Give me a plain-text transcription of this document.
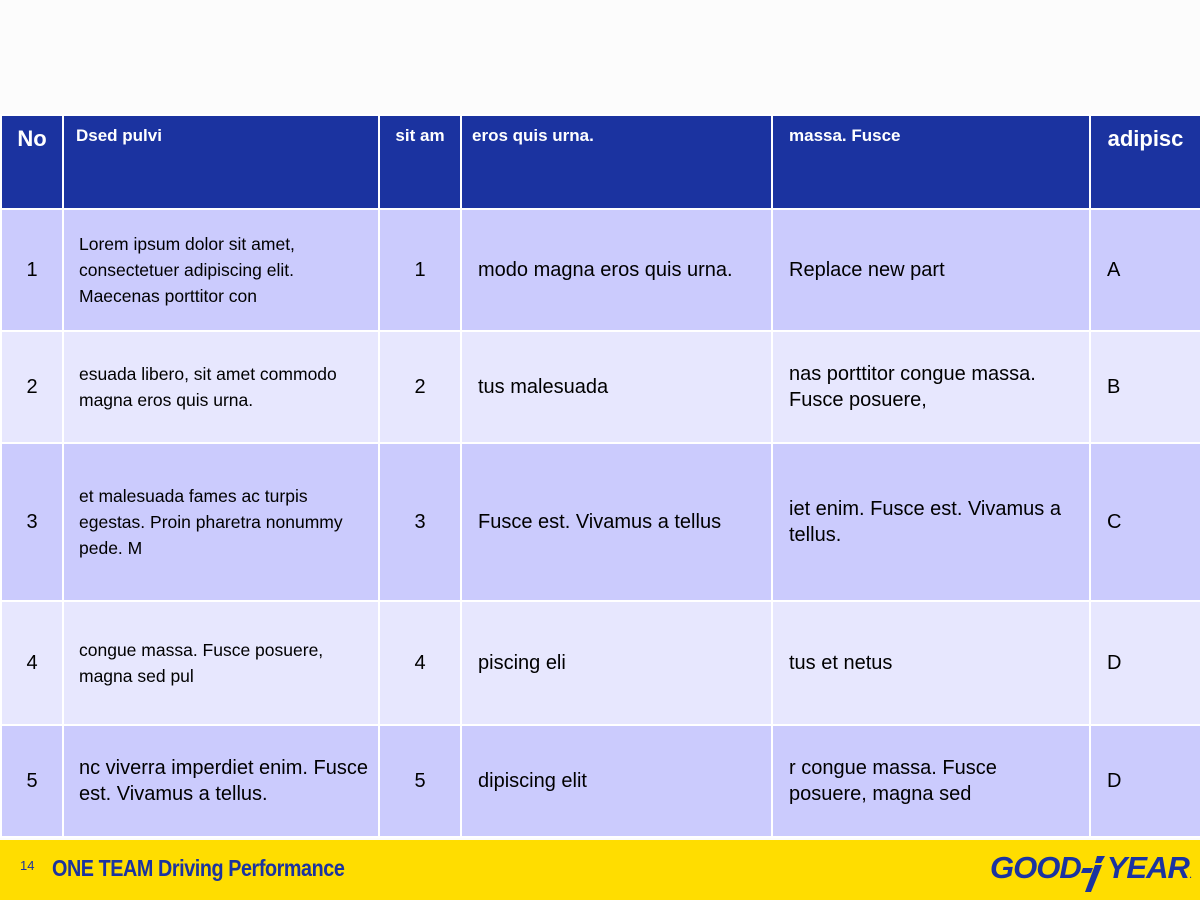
No	Dsed pulvi	sit am	eros quis urna.	massa. Fusce	adipisc
1	Lorem ipsum dolor sit amet, consectetuer adipiscing elit. Maecenas porttitor con	1	modo magna eros quis urna.	Replace new part	A
2	esuada libero, sit amet commodo magna eros quis urna.	2	tus malesuada	nas porttitor congue massa. Fusce posuere,	B
3	et malesuada fames ac turpis egestas. Proin pharetra nonummy pede. M	3	Fusce est. Vivamus a tellus	iet enim. Fusce est. Vivamus a tellus.	C
4	congue massa. Fusce posuere, magna sed pul	4	piscing eli	tus et netus	D
5	nc viverra imperdiet enim. Fusce est. Vivamus a tellus.	5	dipiscing elit	r congue massa. Fusce posuere, magna sed	D
14 ONE TEAM Driving Performance	GOOD YEAR.
